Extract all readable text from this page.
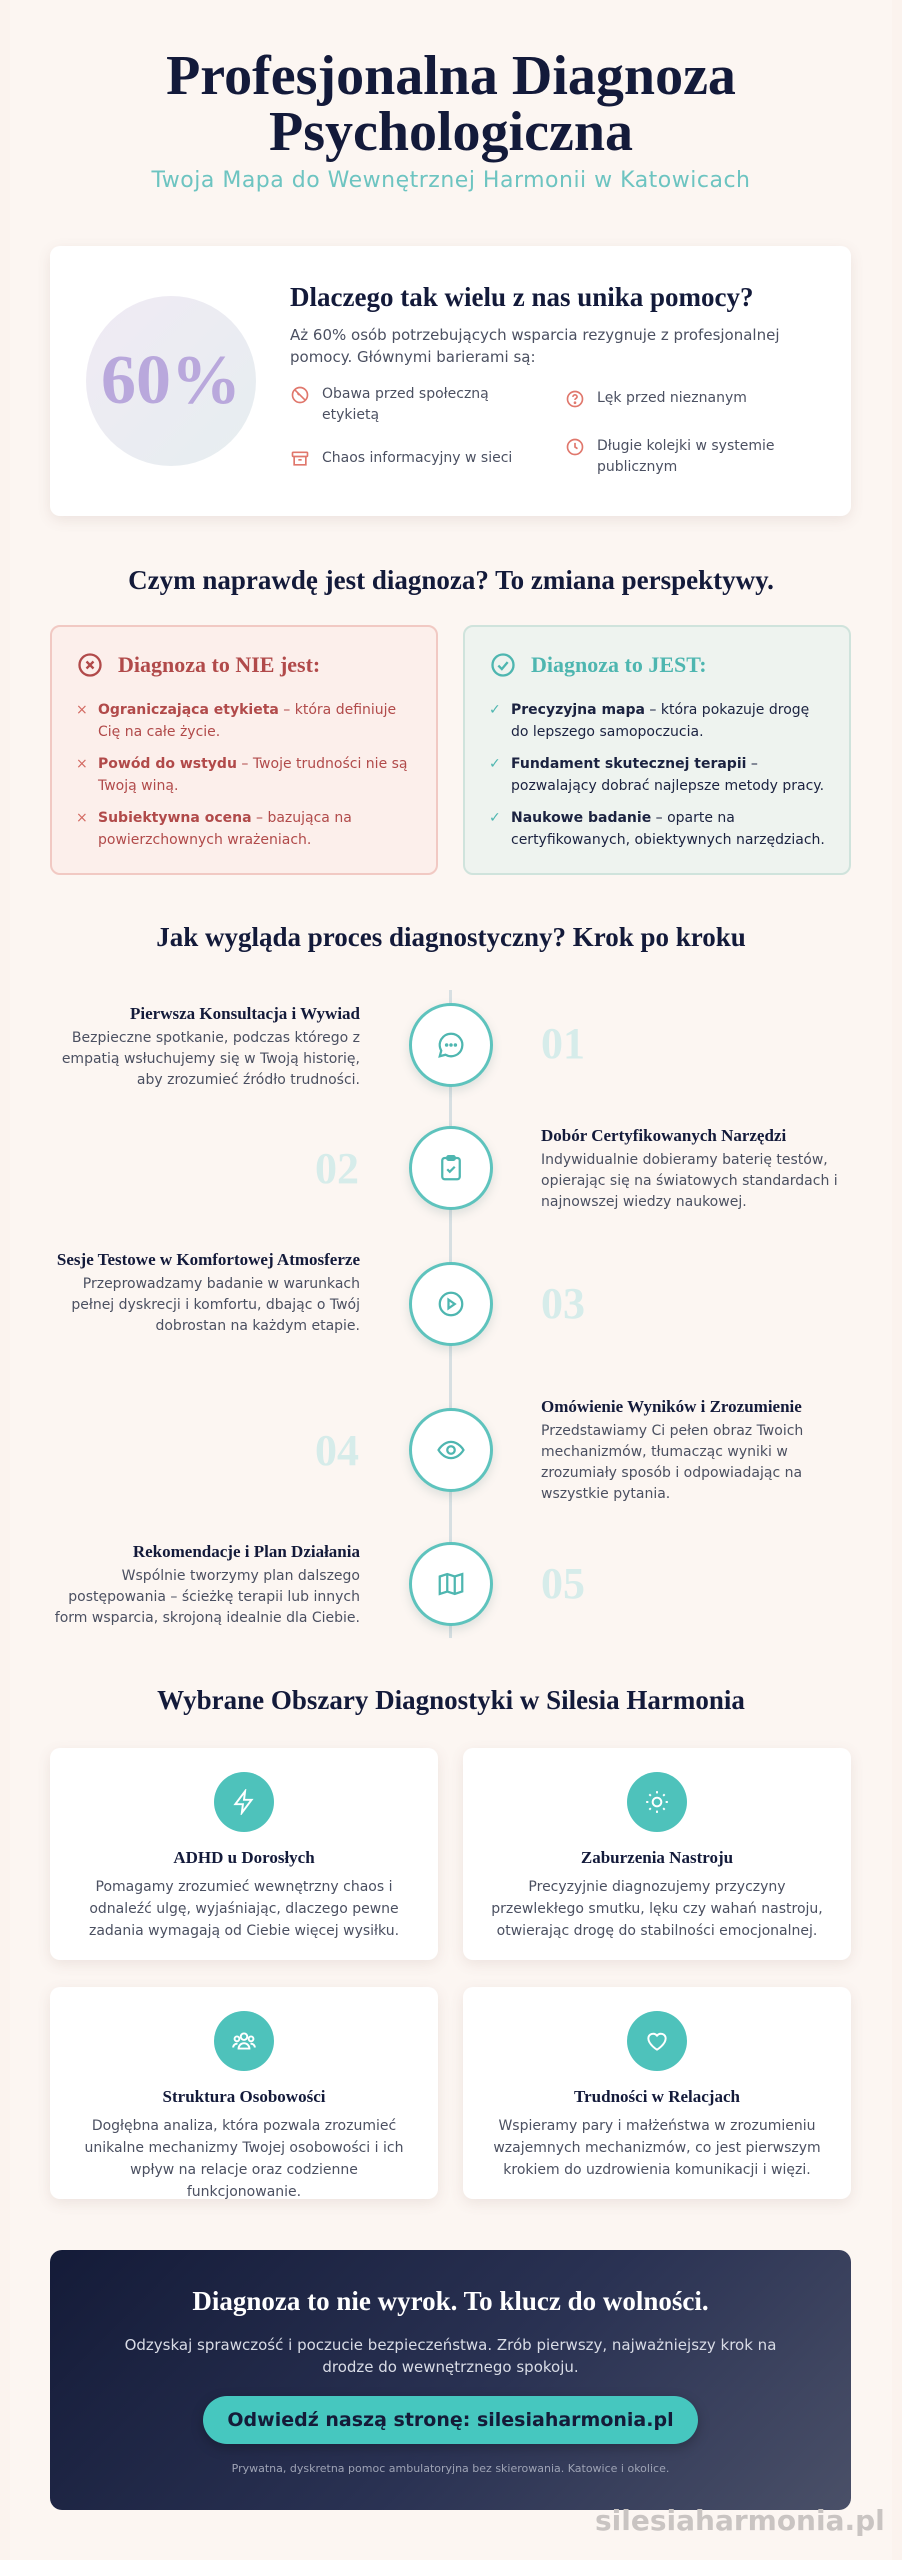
Profesjonalna Diagnoza
Psychologiczna
Twoja Mapa do Wewnętrznej Harmonii w Katowicach
60%
Dlaczego tak wielu z nas unika pomocy?
Aż 60% osób potrzebujących wsparcia rezygnuje z profesjonalnej pomocy. Głównymi barierami są:
Obawa przed społeczną etykietą
Lęk przed nieznanym
Chaos informacyjny w sieci
Długie kolejki w systemie publicznym
Czym naprawdę jest diagnoza? To zmiana perspektywy.
Diagnoza to NIE jest:
× Ograniczająca etykieta – która definiuje Cię na całe życie.
× Powód do wstydu – Twoje trudności nie są Twoją winą.
× Subiektywna ocena – bazująca na powierzchownych wrażeniach.
Diagnoza to JEST:
✓ Precyzyjna mapa – która pokazuje drogę do lepszego samopoczucia.
✓ Fundament skutecznej terapii – pozwalający dobrać najlepsze metody pracy.
✓ Naukowe badanie – oparte na certyfikowanych, obiektywnych narzędziach.
Jak wygląda proces diagnostyczny? Krok po kroku
Pierwsza Konsultacja i Wywiad
Bezpieczne spotkanie, podczas którego z empatią wsłuchujemy się w Twoją historię, aby zrozumieć źródło trudności.
01
02
Dobór Certyfikowanych Narzędzi
Indywidualnie dobieramy baterię testów, opierając się na światowych standardach i najnowszej wiedzy naukowej.
Sesje Testowe w Komfortowej Atmosferze
Przeprowadzamy badanie w warunkach pełnej dyskrecji i komfortu, dbając o Twój dobrostan na każdym etapie.	03
04
Omówienie Wyników i Zrozumienie
Przedstawiamy Ci pełen obraz Twoich mechanizmów, tłumacząc wyniki w zrozumiały sposób i odpowiadając na wszystkie pytania.
Rekomendacje i Plan Działania
Wspólnie tworzymy plan dalszego postępowania – ścieżkę terapii lub innych form wsparcia, skrojoną idealnie dla Ciebie.
05
Wybrane Obszary Diagnostyki w Silesia Harmonia
ADHD u Dorosłych
Pomagamy zrozumieć wewnętrzny chaos i odnaleźć ulgę, wyjaśniając, dlaczego pewne zadania wymagają od Ciebie więcej wysiłku.
Zaburzenia Nastroju
Precyzyjnie diagnozujemy przyczyny przewlekłego smutku, lęku czy wahań nastroju, otwierając drogę do stabilności emocjonalnej.
Struktura Osobowości
Dogłębna analiza, która pozwala zrozumieć unikalne mechanizmy Twojej osobowości i ich wpływ na relacje oraz codzienne funkcjonowanie.
Trudności w Relacjach
Wspieramy pary i małżeństwa w zrozumieniu wzajemnych mechanizmów, co jest pierwszym krokiem do uzdrowienia komunikacji i więzi.
Diagnoza to nie wyrok. To klucz do wolności.
Odzyskaj sprawczość i poczucie bezpieczeństwa. Zrób pierwszy, najważniejszy krok na drodze do wewnętrznego spokoju.
Odwiedź naszą stronę: silesiaharmonia.pl
Prywatna, dyskretna pomoc ambulatoryjna bez skierowania. Katowice i okolice.
silesiaharmonia.pl
